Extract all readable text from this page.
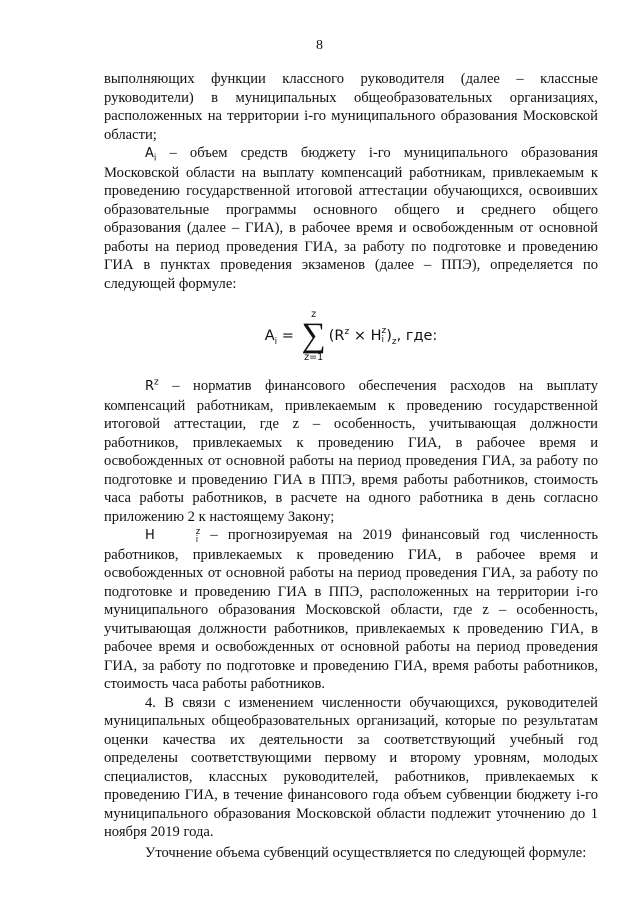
8

выполняющих функции классного руководителя (далее – классные руководители) в муниципальных общеобразовательных организациях, расположенных на территории i-го муниципального образования Московской области;

$A_i$ – объем средств бюджету i-го муниципального образования Московской области на выплату компенсаций работникам, привлекаемым к проведению государственной итоговой аттестации обучающихся, освоивших образовательные программы основного общего и среднего общего образования (далее – ГИА), в рабочее время и освобожденным от основной работы на период проведения ГИА, за работу по подготовке и проведению ГИА в пунктах проведения экзаменов (далее – ППЭ), определяется по следующей формуле:

$A_i$ =
z
∑
z=1
($R^z \times H$ z
i )$_z$, где:

$R^z$ – норматив финансового обеспечения расходов на выплату компенсаций работникам, привлекаемым к проведению государственной итоговой аттестации, где z – особенность, учитывающая должности работников, привлекаемых к проведению ГИА, в рабочее время и освобожденных от основной работы на период проведения ГИА, за работу по подготовке и проведению ГИА в ППЭ, время работы работников, стоимость часа работы работников, в расчете на одного работника в день согласно приложению 2 к настоящему Закону;

H	z
i – прогнозируемая на 2019 финансовый год численность работников, привлекаемых к проведению ГИА, в рабочее время и освобожденных от основной работы на период проведения ГИА, за работу по подготовке и проведению ГИА в ППЭ, расположенных на территории i-го муниципального образования Московской области, где z – особенность, учитывающая должности работников, привлекаемых к проведению ГИА, в рабочее время и освобожденных от основной работы на период проведения ГИА, за работу по подготовке и проведению ГИА, время работы работников, стоимость часа работы работников.

4. В связи с изменением численности обучающихся, руководителей муниципальных общеобразовательных организаций, которые по результатам оценки качества их деятельности за соответствующий учебный год определены соответствующими первому и второму уровням, молодых специалистов, классных руководителей, работников, привлекаемых к проведению ГИА, в течение финансового года объем субвенции бюджету i-го муниципального образования Московской области подлежит уточнению до 1 ноября 2019 года.

Уточнение объема субвенций осуществляется по следующей формуле:
